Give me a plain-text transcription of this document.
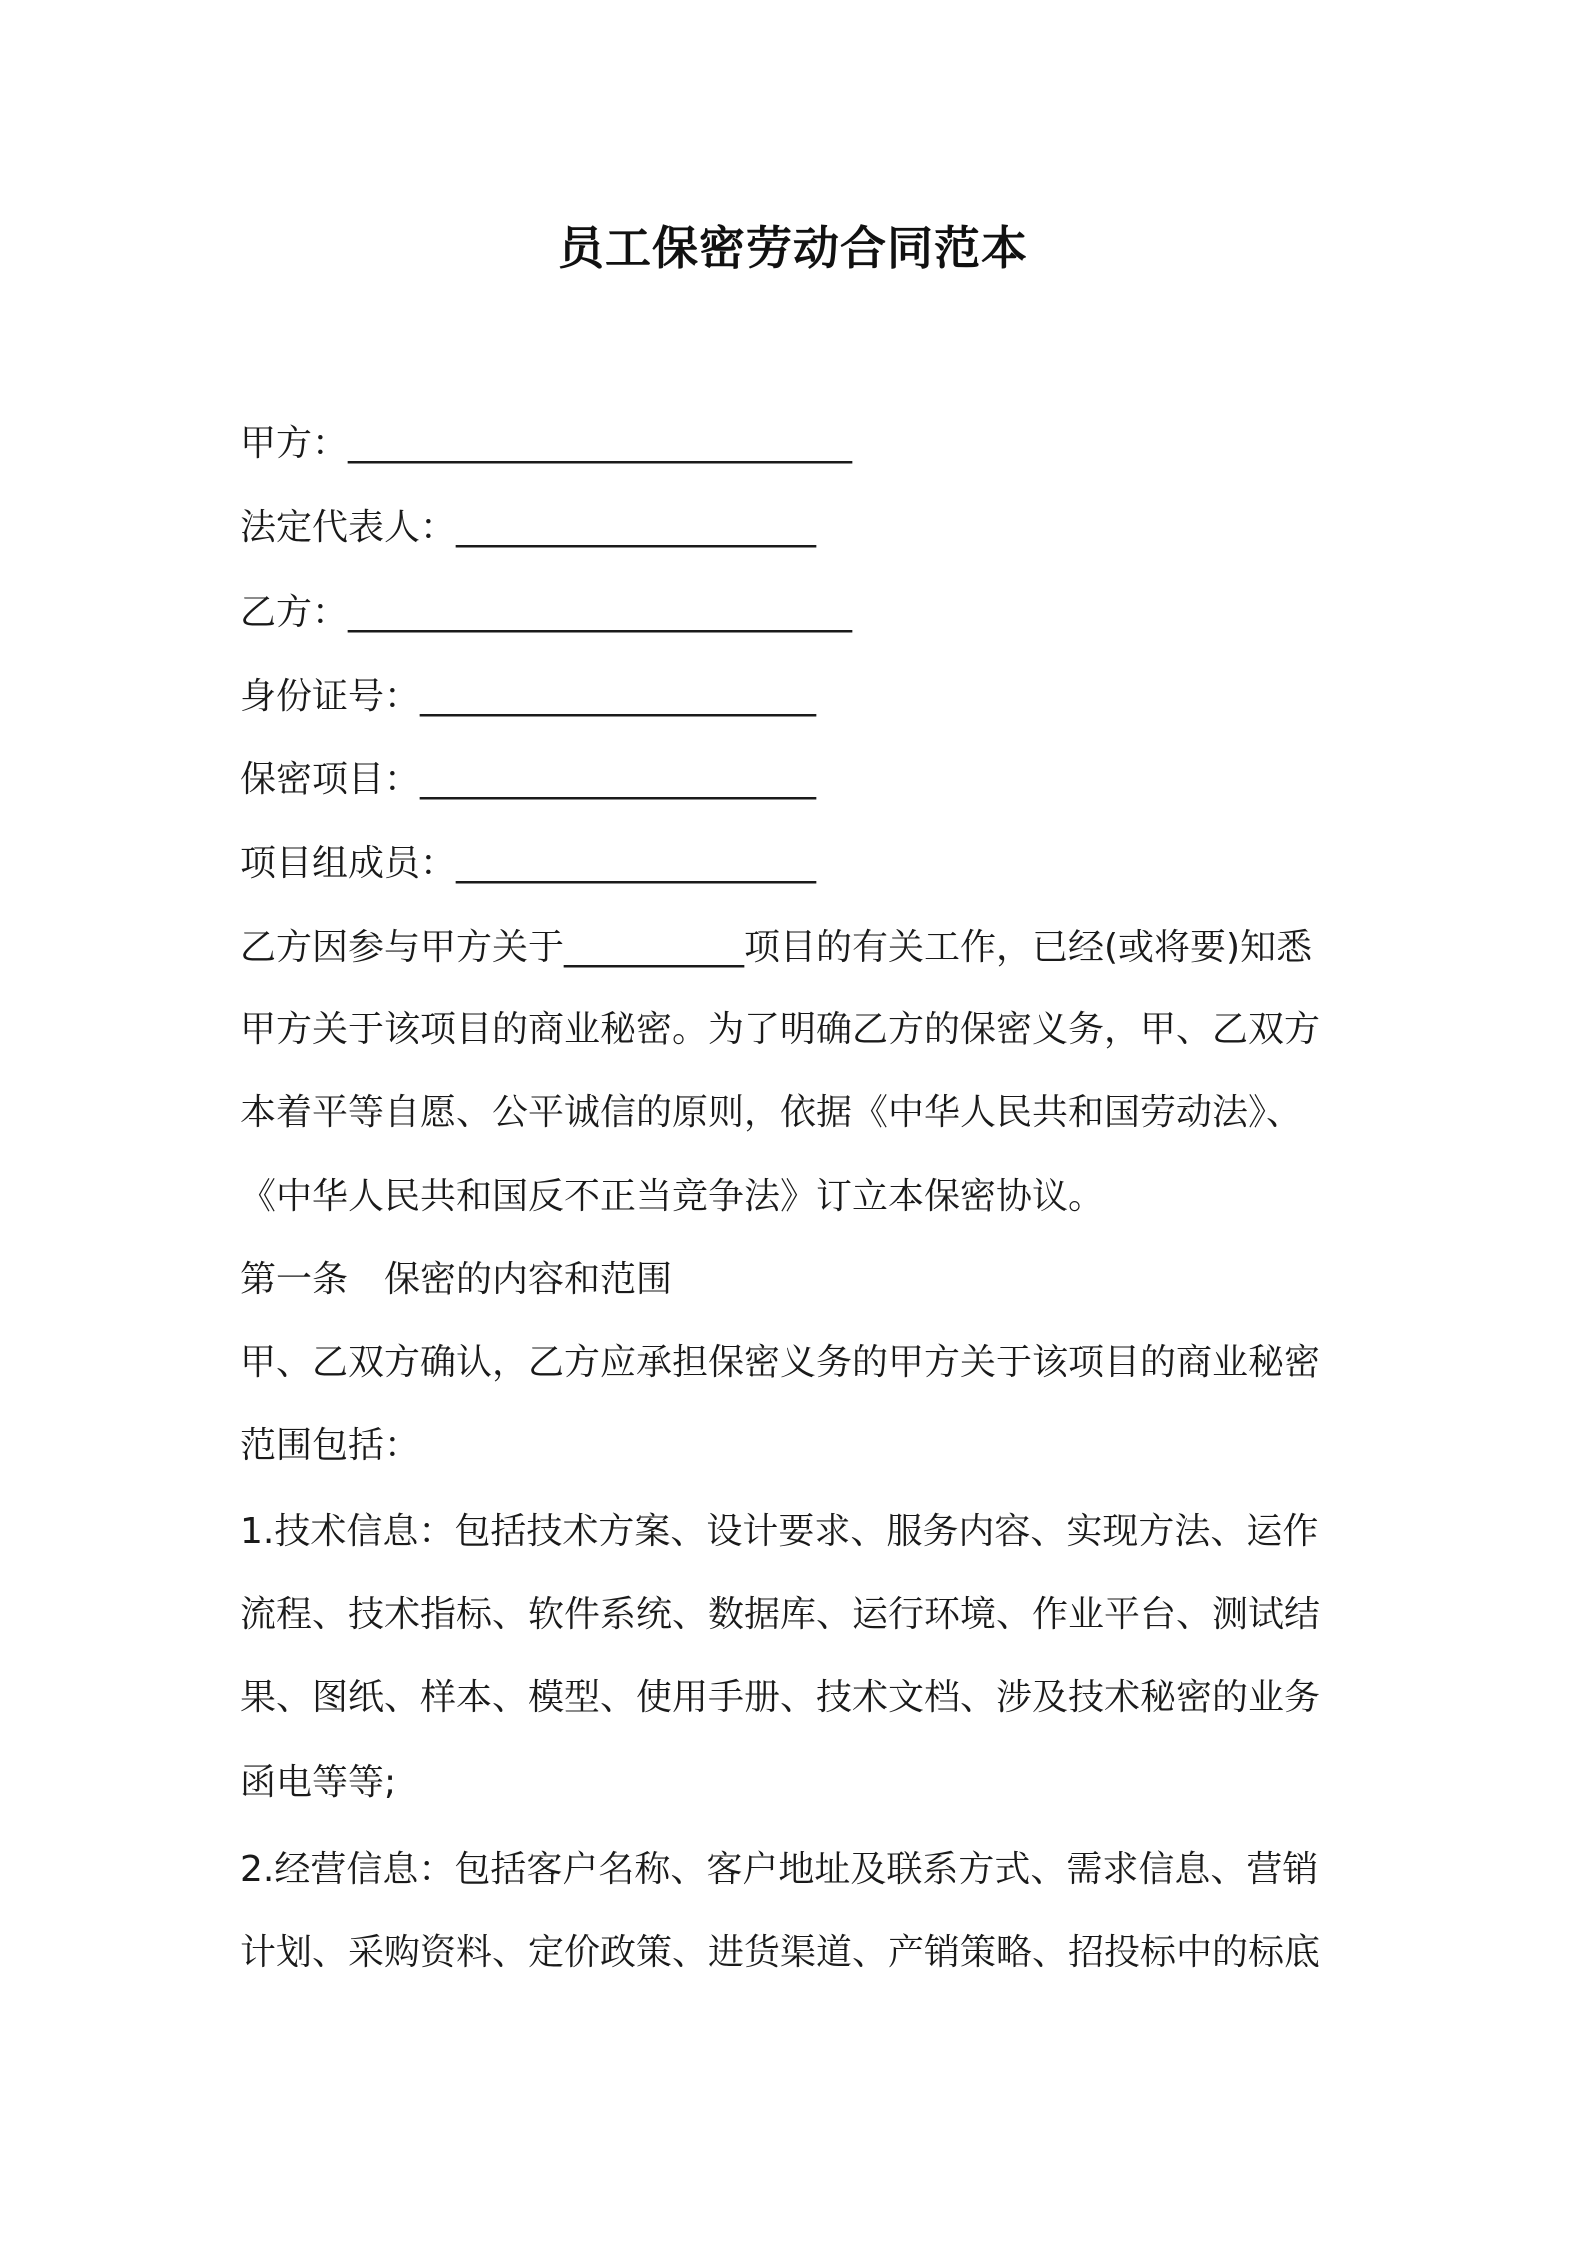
员工保密劳动合同范本
甲方：____________________________
法定代表人：____________________
乙方：____________________________
身份证号：______________________
保密项目：______________________
项目组成员：____________________
乙方因参与甲方关于__________项目的有关工作，已经(或将要)知悉
甲方关于该项目的商业秘密。为了明确乙方的保密义务，甲、乙双方
本着平等自愿、公平诚信的原则，依据《中华人民共和国劳动法》、
《中华人民共和国反不正当竞争法》订立本保密协议。
第一条　保密的内容和范围
甲、乙双方确认，乙方应承担保密义务的甲方关于该项目的商业秘密
范围包括：
1.技术信息：包括技术方案、设计要求、服务内容、实现方法、运作
流程、技术指标、软件系统、数据库、运行环境、作业平台、测试结
果、图纸、样本、模型、使用手册、技术文档、涉及技术秘密的业务
函电等等;
2.经营信息：包括客户名称、客户地址及联系方式、需求信息、营销
计划、采购资料、定价政策、进货渠道、产销策略、招投标中的标底
